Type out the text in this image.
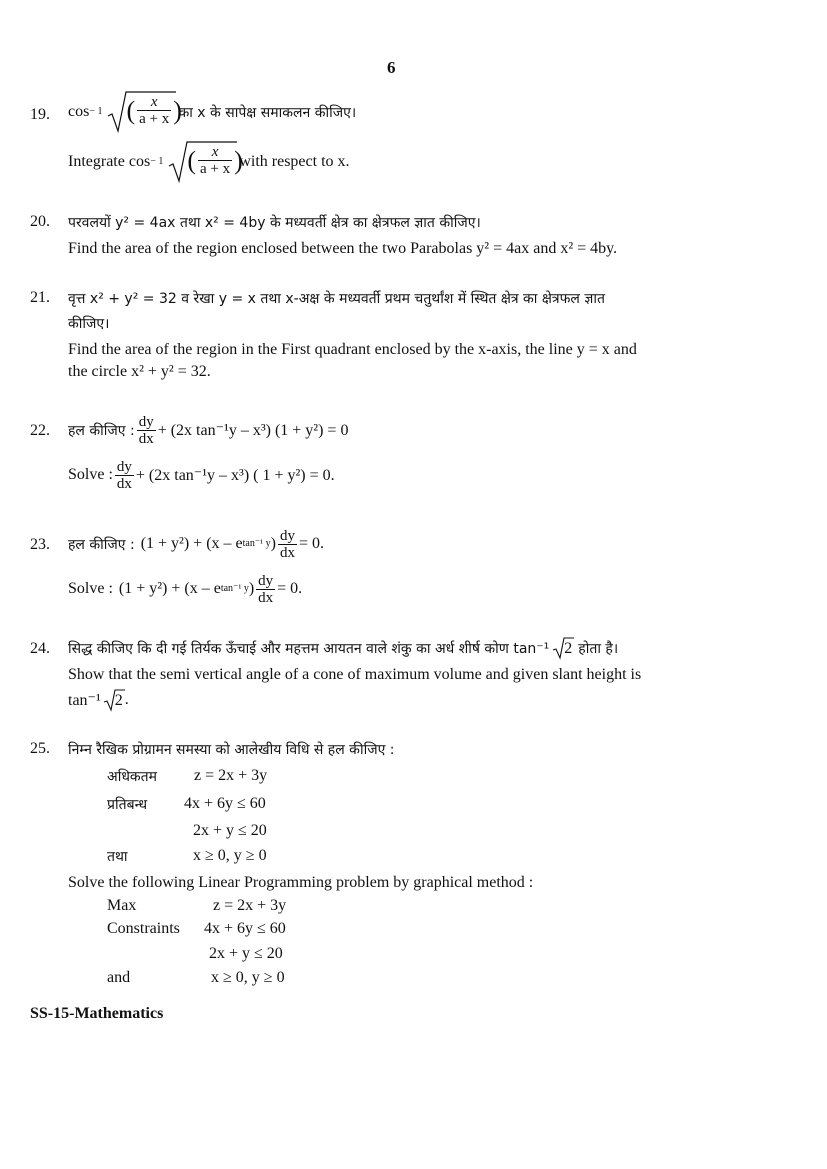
6
19. cos − 1 ( $\frac{x}{a + x}$ )
का x के सापेक्ष समाकलन कीजिए।
Integrate cos − 1 ( $\frac{x}{a + x}$ )
with respect to x.
20. परवलयों y² = 4ax तथा x² = 4by के मध्यवर्ती क्षेत्र का क्षेत्रफल ज्ञात कीजिए।
Find the area of the region enclosed between the two Parabolas y² = 4ax and x² = 4by.
21. वृत्त x² + y² = 32 व रेखा y = x तथा x-अक्ष के मध्यवर्ती प्रथम चतुर्थांश में स्थित क्षेत्र का क्षेत्रफल ज्ञात
कीजिए।
Find the area of the region in the First quadrant enclosed by the x-axis, the line y = x and
the circle x² + y² = 32.
22. हल कीजिए : $\frac{dy}{dx} + (2x$ tan⁻¹y – x³) (1 + y²) = 0
Solve : $\frac{dy}{dx} + (2x$ tan⁻¹y – x³) ( 1 + y²) = 0.
23. हल कीजिए : (1 + y²) + (x – e tan⁻¹ y ) $\frac{dy}{dx} = 0$.
Solve : (1 + y²) + (x – e tan⁻¹ y ) $\frac{dy}{dx} = 0$.
24. सिद्ध कीजिए कि दी गई तिर्यक ऊँचाई और महत्तम आयतन वाले शंकु का अर्ध शीर्ष कोण tan⁻¹ 2 होता है।
Show that the semi vertical angle of a cone of maximum volume and given slant height is
tan⁻¹ 2 .
25. निम्न रैखिक प्रोग्रामन समस्या को आलेखीय विधि से हल कीजिए :
अधिकतम z = 2x + 3y
प्रतिबन्ध 4x + 6y ≤ 60
2x + y ≤ 20
तथा	x ≥ 0, y ≥ 0
Solve the following Linear Programming problem by graphical method :
Max	z = 2x + 3y
Constraints 4x + 6y ≤ 60
2x + y ≤ 20
and	x ≥ 0, y ≥ 0
SS-15-Mathematics
